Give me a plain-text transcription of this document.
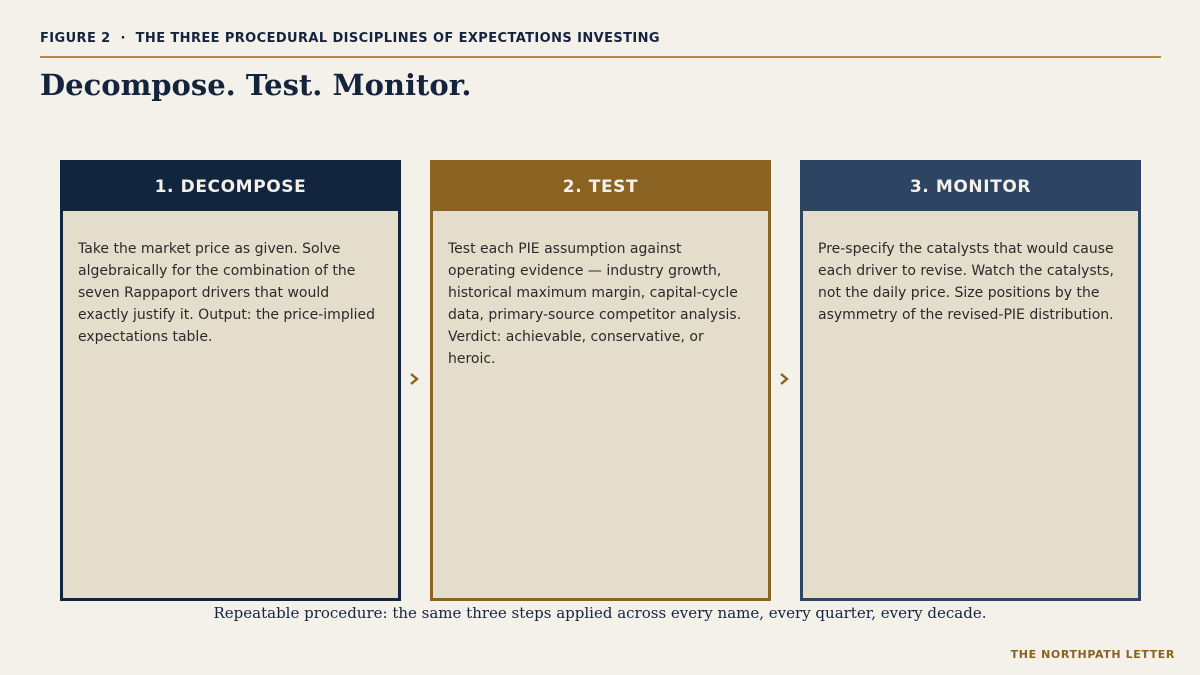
FIGURE 2  ·  THE THREE PROCEDURAL DISCIPLINES OF EXPECTATIONS INVESTING
Decompose. Test. Monitor.
1. DECOMPOSE
Take the market price as given. Solve algebraically for the combination of the seven Rappaport drivers that would exactly justify it. Output: the price-implied expectations table.
2. TEST
Test each PIE assumption against operating evidence — industry growth, historical maximum margin, capital-cycle data, primary-source competitor analysis. Verdict: achievable, conservative, or heroic.
3. MONITOR
Pre-specify the catalysts that would cause each driver to revise. Watch the catalysts, not the daily price. Size positions by the asymmetry of the revised-PIE distribution.
Repeatable procedure: the same three steps applied across every name, every quarter, every decade.
THE NORTHPATH LETTER
